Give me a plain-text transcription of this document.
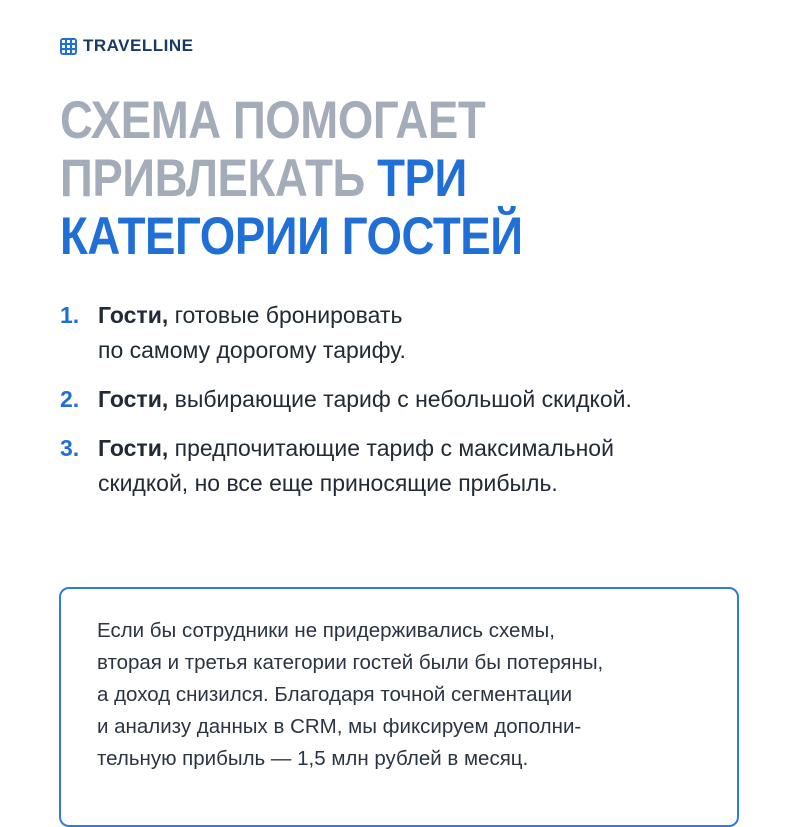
TRAVELLINE
СХЕМА ПОМОГАЕТ
ПРИВЛЕКАТЬ ТРИ
КАТЕГОРИИ ГОСТЕЙ
1. Гости, готовые бронировать
по самому дорогому тарифу.
2. Гости, выбирающие тариф с небольшой скидкой.
3. Гости, предпочитающие тариф с максимальной
скидкой, но все еще приносящие прибыль.

Если бы сотрудники не придерживались схемы,
вторая и третья категории гостей были бы потеряны,
а доход снизился. Благодаря точной сегментации
и анализу данных в CRM, мы фиксируем дополни-
тельную прибыль — 1,5 млн рублей в месяц.
